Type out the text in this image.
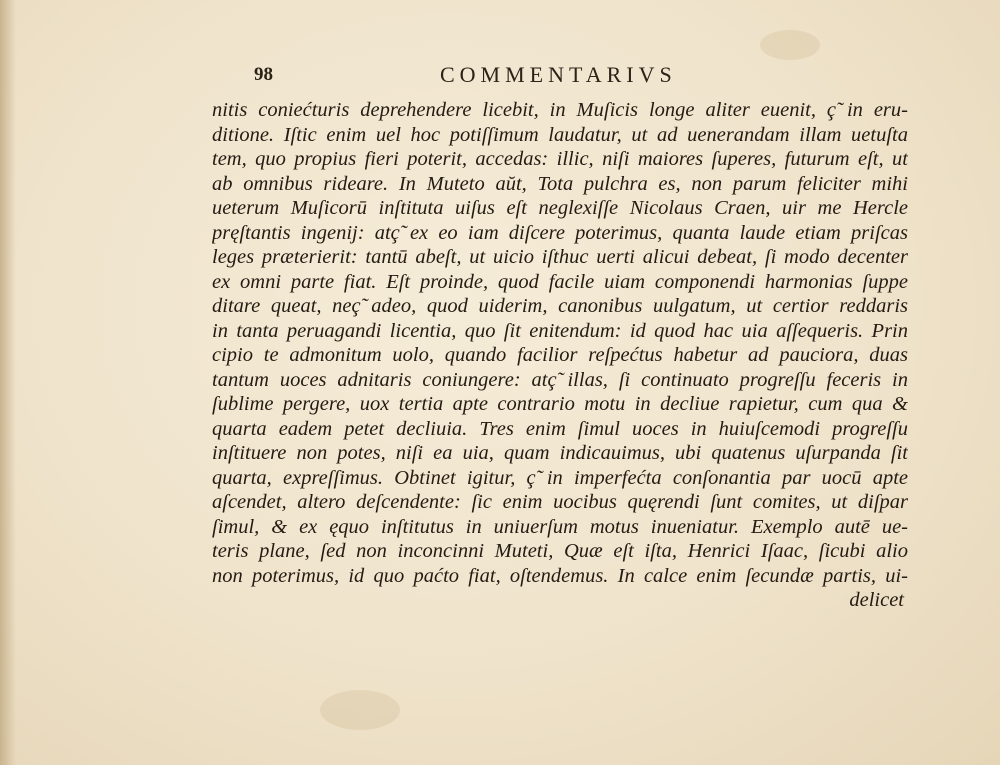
98	COMMENTARIVS
nitis coniećturis deprehendere licebit, in Muſicis longe aliter euenit, ç̃ in eru-
ditione. Iſtic enim uel hoc potiſſimum laudatur, ut ad uenerandam illam uetuſta
tem, quo propius fieri poterit, accedas: illic, niſi maiores ſuperes, futurum eſt, ut
ab omnibus rideare. In Muteto aŭt, Tota pulchra es, non parum feliciter mihi
ueterum Muſicorū inſtituta uiſus eſt neglexiſſe Nicolaus Craen, uir me Hercle
pręſtantis ingenij: atç̃ ex eo iam diſcere poterimus, quanta laude etiam priſcas
leges præterierit: tantū abeſt, ut uicio iſthuc uerti alicui debeat, ſi modo decenter
ex omni parte fiat. Eſt proinde, quod facile uiam componendi harmonias ſuppe
ditare queat, neç̃ adeo, quod uiderim, canonibus uulgatum, ut certior reddaris
in tanta peruagandi licentia, quo ſit enitendum: id quod hac uia aſſequeris. Prin
cipio te admonitum uolo, quando facilior reſpećtus habetur ad pauciora, duas
tantum uoces adnitaris coniungere: atç̃ illas, ſi continuato progreſſu feceris in
ſublime pergere, uox tertia apte contrario motu in decliue rapietur, cum qua &
quarta eadem petet decliuia. Tres enim ſimul uoces in huiuſcemodi progreſſu
inſtituere non potes, niſi ea uia, quam indicauimus, ubi quatenus uſurpanda ſit
quarta, expreſſimus. Obtinet igitur, ç̃ in imperfećta conſonantia par uocū apte
aſcendet, altero deſcendente: ſic enim uocibus quęrendi ſunt comites, ut diſpar
ſimul, & ex ęquo inſtitutus in uniuerſum motus inueniatur. Exemplo autē ue-
teris plane, ſed non inconcinni Muteti, Quæ eſt iſta, Henrici Iſaac, ſicubi alio
non poterimus, id quo paćto fiat, oſtendemus. In calce enim ſecundæ partis, ui-
delicet
